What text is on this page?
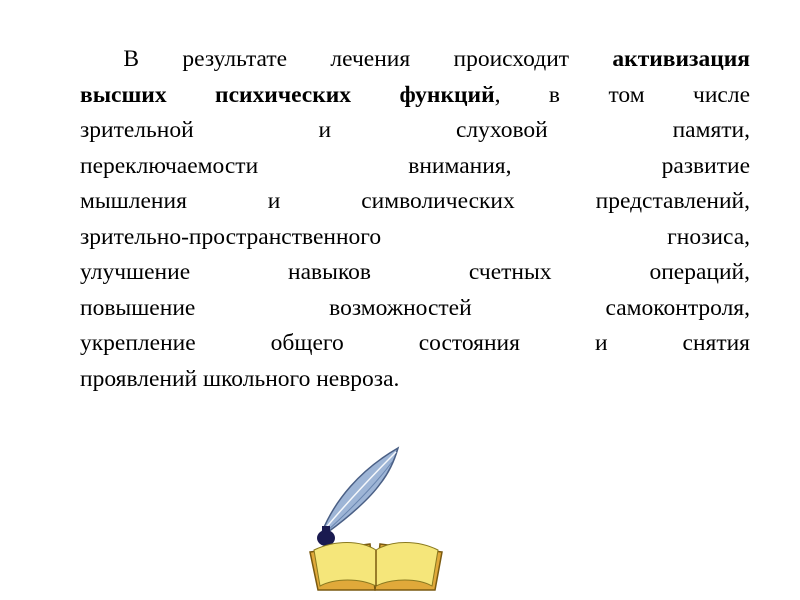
В результате лечения происходит активизация
высших психических функций, в том числе
зрительной и слуховой памяти,
переключаемости внимания, развитие
мышления и символических представлений,
зрительно-пространственного гнозиса,
улучшение навыков счетных операций,
повышение возможностей самоконтроля,
укрепление общего состояния и снятия
проявлений школьного невроза.
